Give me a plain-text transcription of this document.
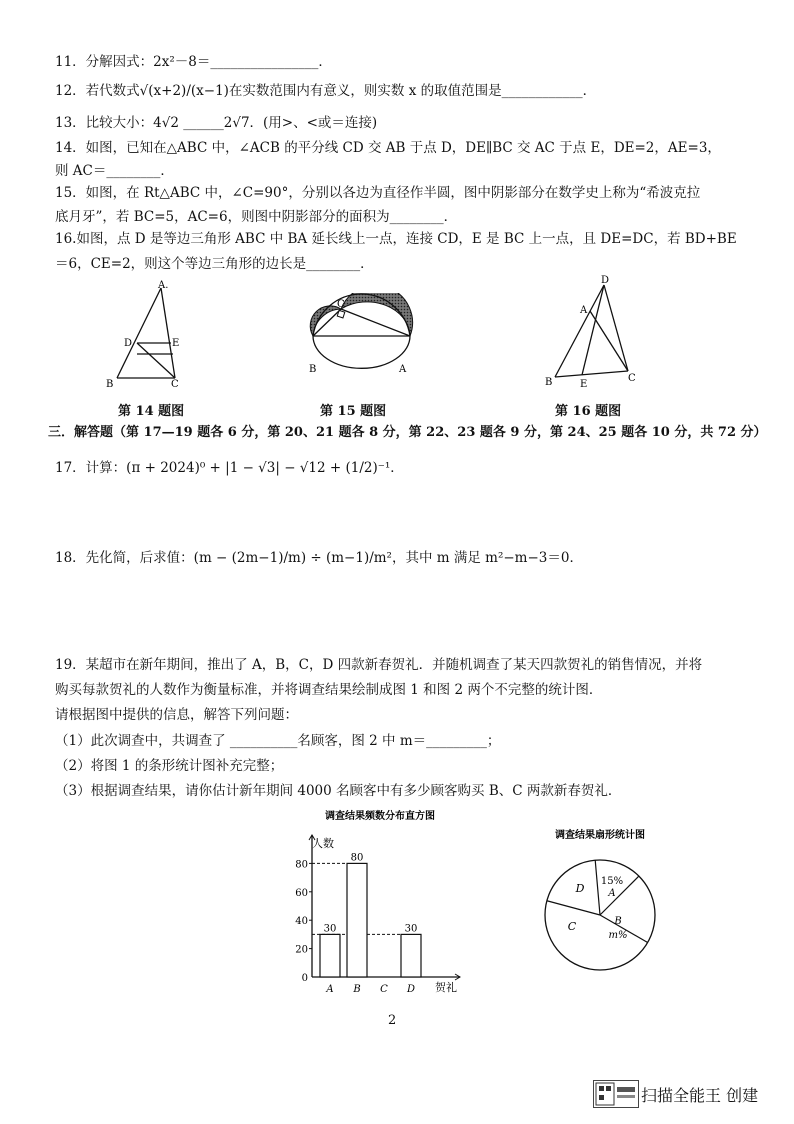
11．分解因式：2x²－8＝________________．
12．若代数式√(x+2)/(x−1)在实数范围内有意义，则实数 x 的取值范围是____________．
13．比较大小：4√2 ______2√7．(用>、<或＝连接)
14．如图，已知在△ABC 中，∠ACB 的平分线 CD 交 AB 于点 D，DE∥BC 交 AC 于点 E，DE=2，AE=3，
则 AC＝________．
15．如图，在 Rt△ABC 中，∠C=90°，分别以各边为直径作半圆，图中阴影部分在数学史上称为“希波克拉
底月牙”，若 BC=5，AC=6，则图中阴影部分的面积为________．
16.如图，点 D 是等边三角形 ABC 中 BA 延长线上一点，连接 CD，E 是 BC 上一点，且 DE=DC，若 BD+BE
＝6，CE=2，则这个等边三角形的边长是________．
A.
D	E
B	C
第 14 题图
C
B	A
第 15 题图
D
A
B	E
C
第 16 题图
三．解答题（第 17—19 题各 6 分，第 20、21 题各 8 分，第 22、23 题各 9 分，第 24、25 题各 10 分，共 72 分）
17．计算：(π + 2024)⁰ + |1 − √3| − √12 + (1/2)⁻¹．
18．先化简，后求值：(m − (2m−1)/m) ÷ (m−1)/m²，其中 m 满足 m²−m−3＝0．
19．某超市在新年期间，推出了 A，B，C，D 四款新春贺礼．并随机调查了某天四款贺礼的销售情况，并将
购买每款贺礼的人数作为衡量标准，并将调查结果绘制成图 1 和图 2 两个不完整的统计图．
请根据图中提供的信息，解答下列问题：
（1）此次调查中，共调查了 __________名顾客，图 2 中 m＝_________；
（2）将图 1 的条形统计图补充完整；
（3）根据调查结果，请你估计新年期间 4000 名顾客中有多少顾客购买 B、C 两款新春贺礼．
调查结果频数分布直方图
人数
贺礼
0
20
40
60
80
A
30
B
80
C D
30
调查结果扇形统计图
15%
A
B
m%
C
D
2
扫描全能王 创建
